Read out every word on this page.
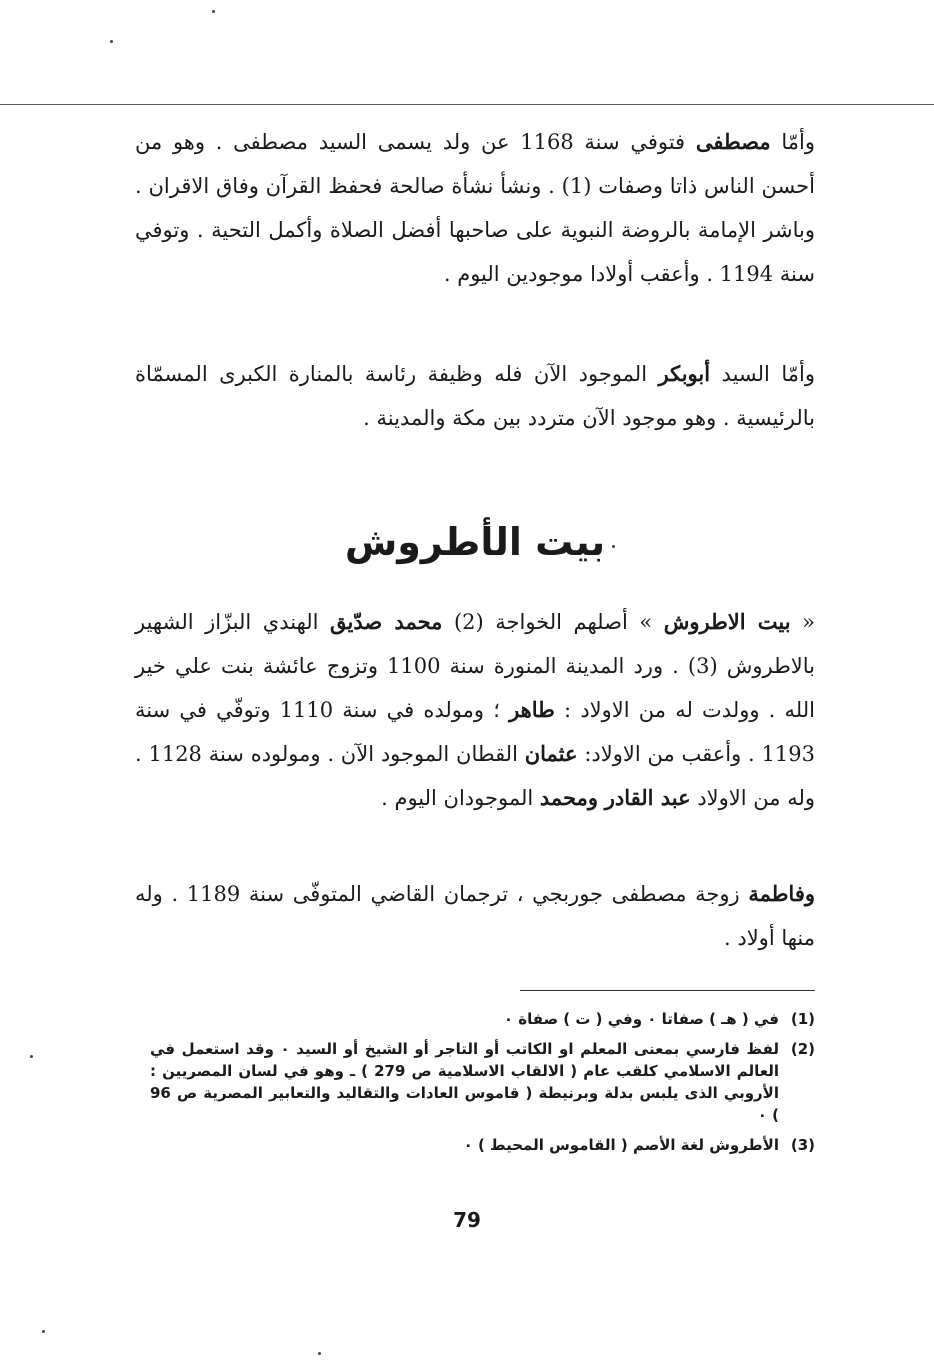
وأمّا مصطفى فتوفي سنة 1168 عن ولد يسمى السيد مصطفى . وهو من أحسن الناس ذاتا وصفات (1) . ونشأ نشأة صالحة فحفظ القرآن وفاق الاقران . وباشر الإمامة بالروضة النبوية على صاحبها أفضل الصلاة وأكمل التحية . وتوفي سنة 1194 . وأعقب أولادا موجودين اليوم .

وأمّا السيد أبوبكر الموجود الآن فله وظيفة رئاسة بالمنارة الكبرى المسمّاة بالرئيسية . وهو موجود الآن متردد بين مكة والمدينة .

بيت الأطروش

« بيت الاطروش » أصلهم الخواجة (2) محمد صدّيق الهندي البزّاز الشهير بالاطروش (3) . ورد المدينة المنورة سنة 1100 وتزوج عائشة بنت علي خير الله . وولدت له من الاولاد : طاهر ؛ ومولده في سنة 1110 وتوفّي في سنة 1193 . وأعقب من الاولاد: عثمان القطان الموجود الآن . ومولوده سنة 1128 . وله من الاولاد عبد القادر ومحمد الموجودان اليوم .

وفاطمة زوجة مصطفى جوربجي ، ترجمان القاضي المتوفّى سنة 1189 . وله منها أولاد .

(1)
في ( هـ ) صفاتا ٠ وفي ( ت ) صفاة ٠
(2)
لفظ فارسي بمعنى المعلم او الكاتب أو التاجر أو الشيخ أو السيد ٠ وقد استعمل في العالم الاسلامي كلقب عام ( الالقاب الاسلامية ص 279 ) ـ وهو في لسان المصريين : الأروبي الذى يلبس بدلة وبرنيطة ( قاموس العادات والتقاليد والتعابير المصرية ص 96 ) ٠
(3)
الأطروش لغة الأصم ( القاموس المحيط ) ٠
79
